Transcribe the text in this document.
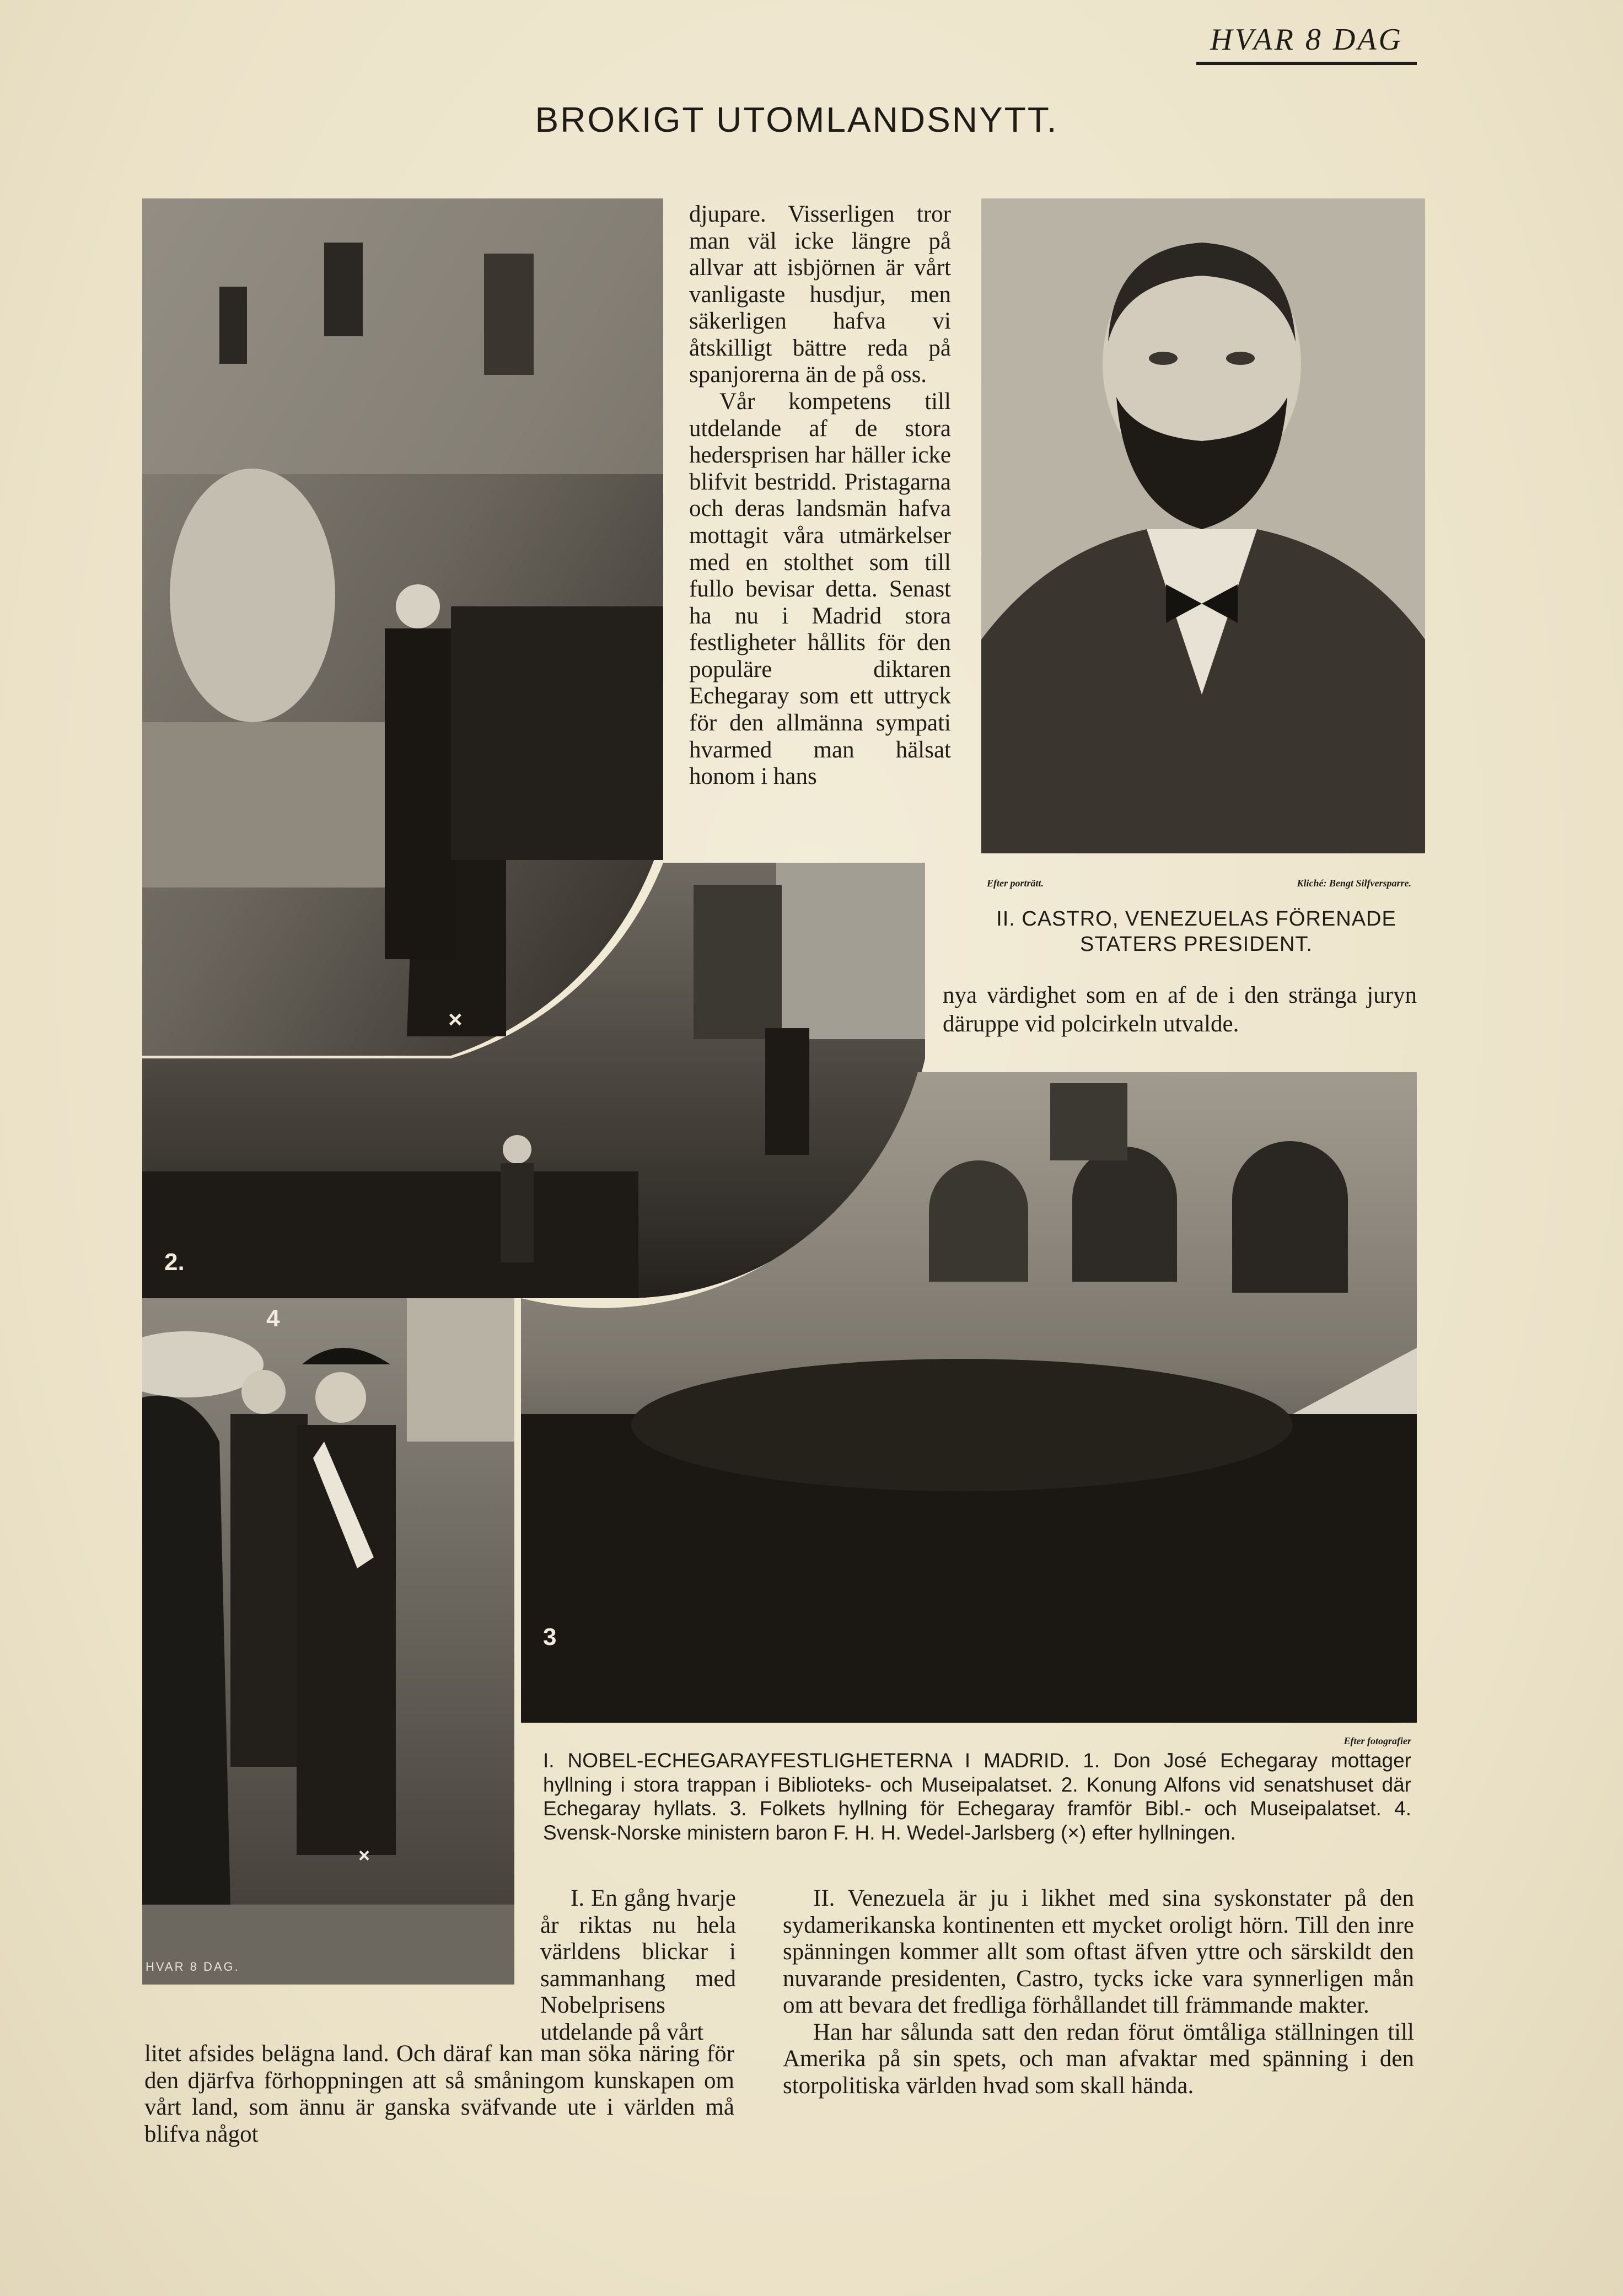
HVAR 8 DAG
BROKIGT UTOMLANDSNYTT.
×
2.
Efter porträtt.	Kliché: Bengt Silfversparre.
II. CASTRO, VENEZUELAS FÖRENADE STATERS PRESIDENT.
nya värdighet som en af de i den stränga juryn däruppe vid polcirkeln utvalde.
3
4
×
HVAR 8 DAG.

djupare. Visserligen tror man väl icke längre på allvar att isbjörnen är vårt vanligaste husdjur, men säkerligen hafva vi åtskilligt bättre reda på spanjorerna än de på oss.

Vår kompetens till utdelande af de stora hedersprisen har häller icke blifvit bestridd. Pristagarna och deras landsmän hafva mottagit våra utmärkelser med en stolthet som till fullo bevisar detta. Senast ha nu i Madrid stora festligheter hållits för den populäre diktaren Echegaray som ett uttryck för den allmänna sympati hvarmed man hälsat honom i hans

Efter fotografier
I. NOBEL-ECHEGARAYFESTLIGHETERNA I MADRID. 1. Don José Echegaray mottager hyllning i stora trappan i Biblioteks- och Museipalatset. 2. Konung Alfons vid senatshuset där Echegaray hyllats. 3. Folkets hyllning för Echegaray framför Bibl.- och Museipalatset. 4. Svensk-Norske ministern baron F. H. H. Wedel-Jarlsberg (×) efter hyllningen.
I. En gång hvarje år riktas nu hela världens blickar i sammanhang med Nobelprisens utdelande på vårt
litet afsides belägna land. Och däraf kan man söka näring för den djärfva förhoppningen att så småningom kunskapen om vårt land, som ännu är ganska sväfvande ute i världen må blifva något

II. Venezuela är ju i likhet med sina syskonstater på den sydamerikanska kontinenten ett mycket oroligt hörn. Till den inre spänningen kommer allt som oftast äfven yttre och särskildt den nuvarande presidenten, Castro, tycks icke vara synnerligen mån om att bevara det fredliga förhållandet till främmande makter.

Han har sålunda satt den redan förut ömtåliga ställningen till Amerika på sin spets, och man afvaktar med spänning i den storpolitiska världen hvad som skall hända.
